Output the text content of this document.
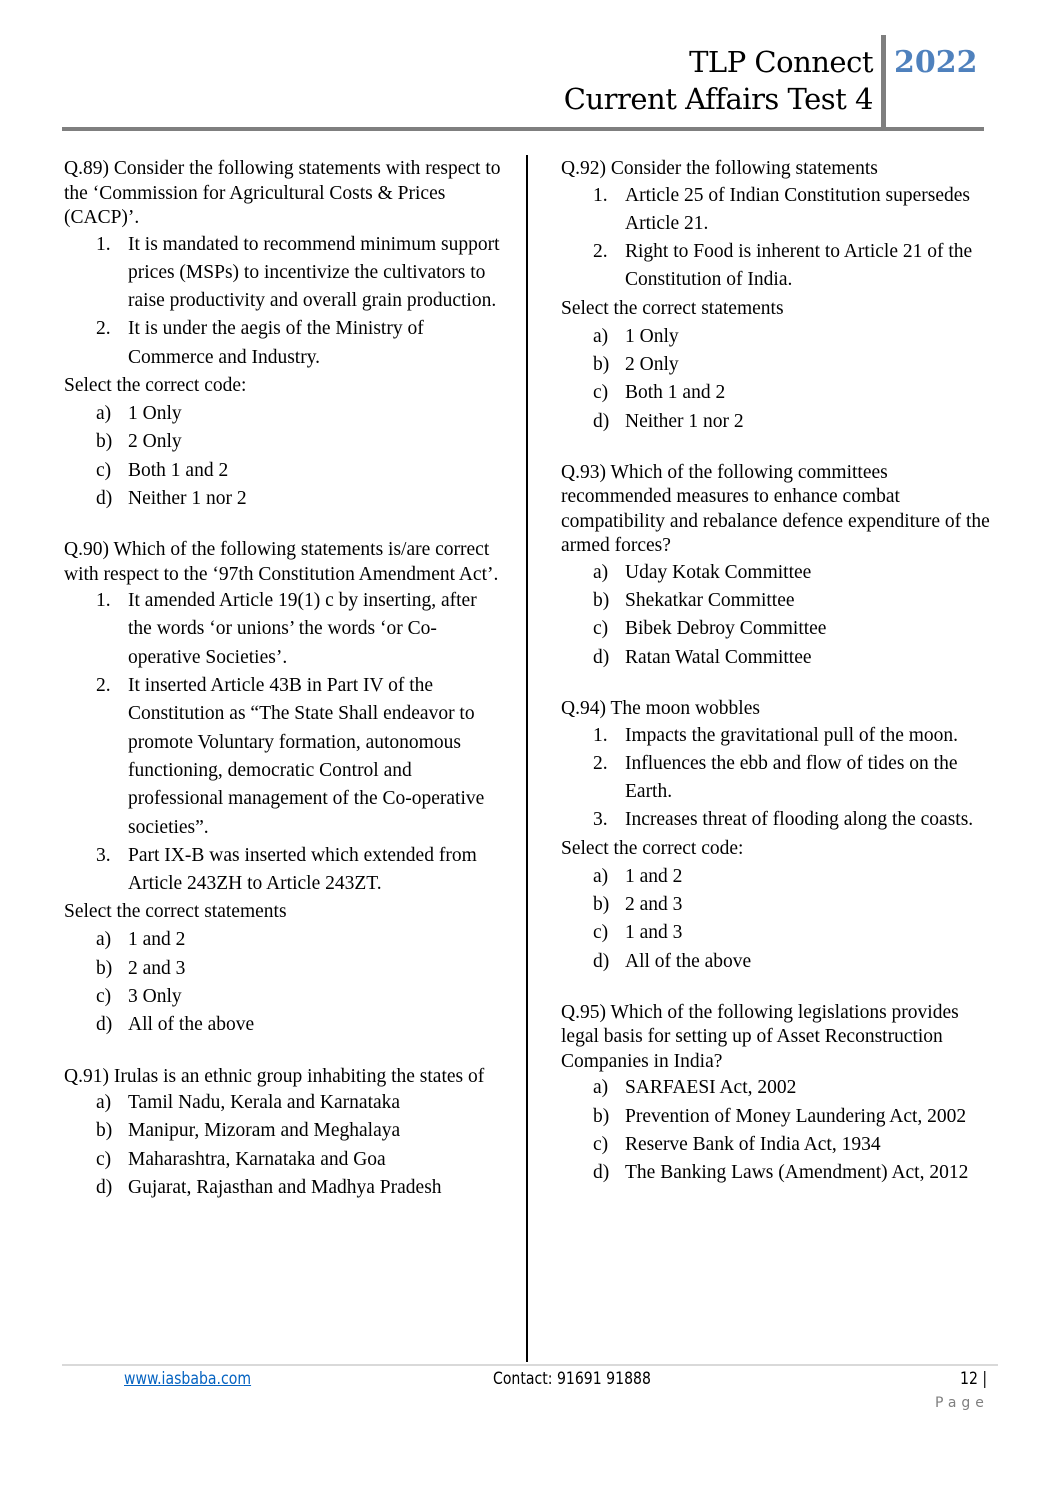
TLP Connect
Current Affairs Test 4
2022
Q.89) Consider the following statements with respect to the ‘Commission for Agricultural Costs & Prices (CACP)’.
1. It is mandated to recommend minimum support prices (MSPs) to incentivize the cultivators to raise productivity and overall grain production.
2. It is under the aegis of the Ministry of Commerce and Industry.
Select the correct code:
a) 1 Only
b) 2 Only
c) Both 1 and 2
d) Neither 1 nor 2
Q.90) Which of the following statements is/are correct with respect to the ‘97th Constitution Amendment Act’.
1. It amended Article 19(1) c by inserting, after the words ‘or unions’ the words ‘or Co-operative Societies’.
2. It inserted Article 43B in Part IV of the Constitution as “The State Shall endeavor to promote Voluntary formation, autonomous functioning, democratic Control and professional management of the Co-operative societies”.
3. Part IX-B was inserted which extended from Article 243ZH to Article 243ZT.
Select the correct statements
a) 1 and 2
b) 2 and 3
c) 3 Only
d) All of the above
Q.91) Irulas is an ethnic group inhabiting the states of
a) Tamil Nadu, Kerala and Karnataka
b) Manipur, Mizoram and Meghalaya
c) Maharashtra, Karnataka and Goa
d) Gujarat, Rajasthan and Madhya Pradesh
Q.92) Consider the following statements
1. Article 25 of Indian Constitution supersedes Article 21.
2. Right to Food is inherent to Article 21 of the Constitution of India.
Select the correct statements
a) 1 Only
b) 2 Only
c) Both 1 and 2
d) Neither 1 nor 2
Q.93) Which of the following committees recommended measures to enhance combat compatibility and rebalance defence expenditure of the armed forces?
a) Uday Kotak Committee
b) Shekatkar Committee
c) Bibek Debroy Committee
d) Ratan Watal Committee
Q.94) The moon wobbles
1. Impacts the gravitational pull of the moon.
2. Influences the ebb and flow of tides on the Earth.
3. Increases threat of flooding along the coasts.
Select the correct code:
a) 1 and 2
b) 2 and 3
c) 1 and 3
d) All of the above
Q.95) Which of the following legislations provides legal basis for setting up of Asset Reconstruction Companies in India?
a) SARFAESI Act, 2002
b) Prevention of Money Laundering Act, 2002
c) Reserve Bank of India Act, 1934
d) The Banking Laws (Amendment) Act, 2012
www.iasbaba.com	Contact: 91691 91888	12 |
Page
